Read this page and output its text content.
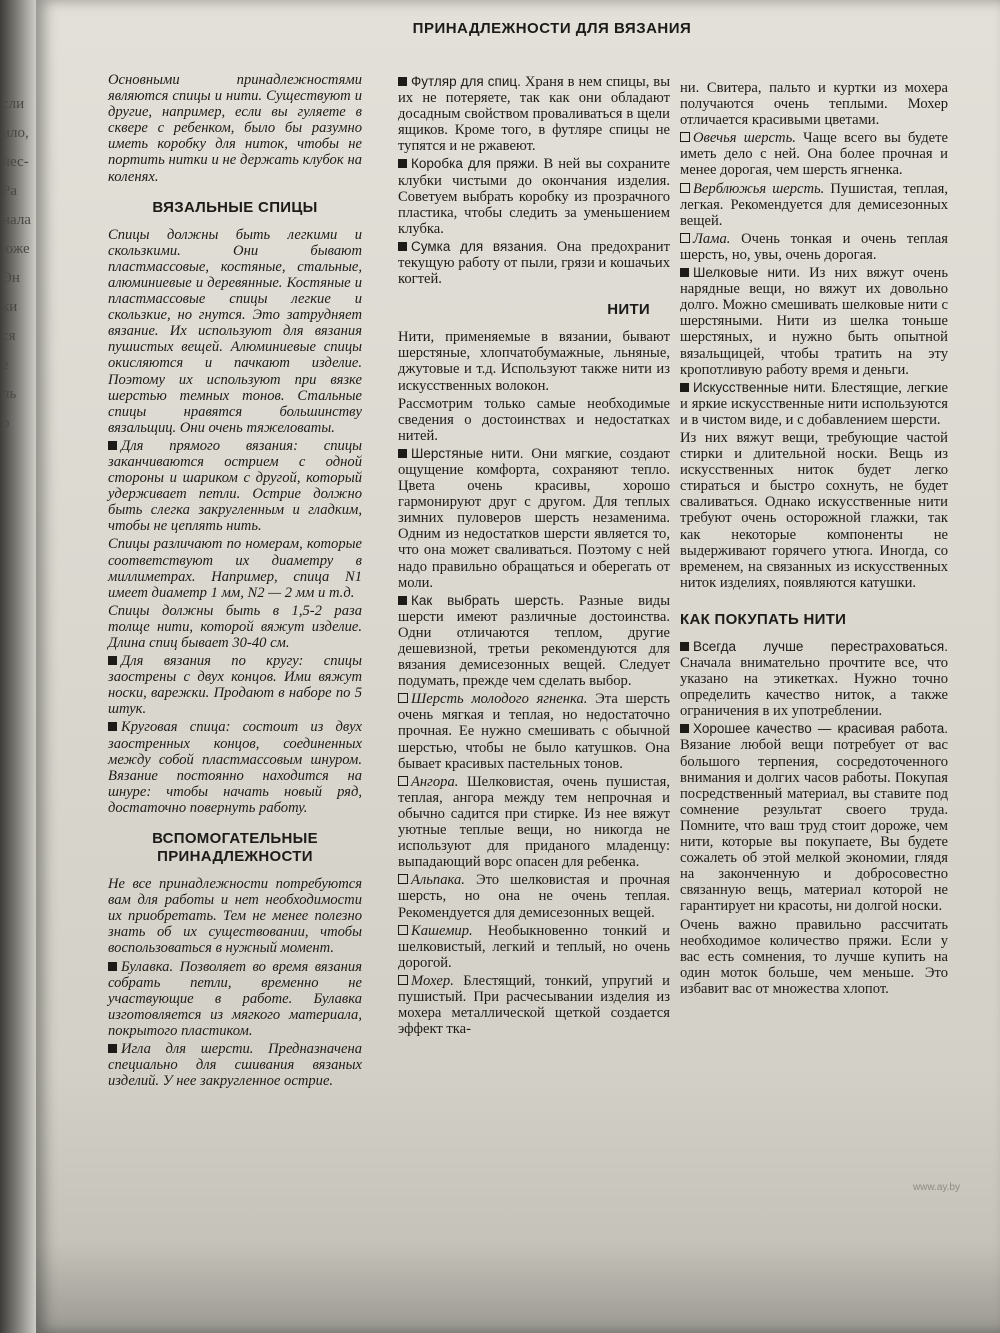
сли
ило,
нес-
Ра
нала
юже
Эн
ки
ся
е
ль
о
ПРИНАДЛЕЖНОСТИ ДЛЯ ВЯЗАНИЯ

Основными принадлежностями являются спицы и нити. Существуют и другие, например, если вы гуляете в сквере с ребенком, было бы разумно иметь коробку для ниток, чтобы не портить нитки и не держать клубок на коленях.

ВЯЗАЛЬНЫЕ СПИЦЫ

Спицы должны быть легкими и скользкими. Они бывают пластмассовые, костяные, стальные, алюминиевые и деревянные. Костяные и пластмассовые спицы легкие и скользкие, но гнутся. Это затрудняет вязание. Их используют для вязания пушистых вещей. Алюминиевые спицы окисляются и пачкают изделие. Поэтому их используют при вязке шерстью темных тонов. Стальные спицы нравятся большинству вязальщиц. Они очень тяжеловаты.

Для прямого вязания: спицы заканчиваются острием с одной стороны и шариком с другой, который удерживает петли. Острие должно быть слегка закругленным и гладким, чтобы не цеплять нить.

Спицы различают по номерам, которые соответствуют их диаметру в миллиметрах. Например, спица N1 имеет диаметр 1 мм, N2 — 2 мм и т.д.

Спицы должны быть в 1,5-2 раза толще нити, которой вяжут изделие. Длина спиц бывает 30-40 см.

Для вязания по кругу: спицы заострены с двух концов. Ими вяжут носки, варежки. Продают в наборе по 5 штук.

Круговая спица: состоит из двух заостренных концов, соединенных между собой пластмассовым шнуром. Вязание постоянно находится на шнуре: чтобы начать новый ряд, достаточно повернуть работу.

ВСПОМОГАТЕЛЬНЫЕ ПРИНАДЛЕЖНОСТИ

Не все принадлежности потребуются вам для работы и нет необходимости их приобретать. Тем не менее полезно знать об их существовании, чтобы воспользоваться в нужный момент.

Булавка. Позволяет во время вязания собрать петли, временно не участвующие в работе. Булавка изготовляется из мягкого материала, покрытого пластиком.

Игла для шерсти. Предназначена специально для сшивания вязаных изделий. У нее закругленное острие.

Футляр для спиц. Храня в нем спицы, вы их не потеряете, так как они обладают досадным свойством проваливаться в щели ящиков. Кроме того, в футляре спицы не тупятся и не ржавеют.

Коробка для пряжи. В ней вы сохраните клубки чистыми до окончания изделия. Советуем выбрать коробку из прозрачного пластика, чтобы следить за уменьшением клубка.

Сумка для вязания. Она предохранит текущую работу от пыли, грязи и кошачьих когтей.

НИТИ

Нити, применяемые в вязании, бывают шерстяные, хлопчатобумажные, льняные, джутовые и т.д. Используют также нити из искусственных волокон.

Рассмотрим только самые необходимые сведения о достоинствах и недостатках нитей.

Шерстяные нити. Они мягкие, создают ощущение комфорта, сохраняют тепло. Цвета очень красивы, хорошо гармонируют друг с другом. Для теплых зимних пуловеров шерсть незаменима. Одним из недостатков шерсти является то, что она может сваливаться. Поэтому с ней надо правильно обращаться и оберегать от моли.

Как выбрать шерсть. Разные виды шерсти имеют различные достоинства. Одни отличаются теплом, другие дешевизной, третьи рекомендуются для вязания демисезонных вещей. Следует подумать, прежде чем сделать выбор.

Шерсть молодого ягненка. Эта шерсть очень мягкая и теплая, но недостаточно прочная. Ее нужно смешивать с обычной шерстью, чтобы не было катушков. Она бывает красивых пастельных тонов.

Ангора. Шелковистая, очень пушистая, теплая, ангора между тем непрочная и обычно садится при стирке. Из нее вяжут уютные теплые вещи, но никогда не используют для приданого младенцу: выпадающий ворс опасен для ребенка.

Альпака. Это шелковистая и прочная шерсть, но она не очень теплая. Рекомендуется для демисезонных вещей.

Кашемир. Необыкновенно тонкий и шелковистый, легкий и теплый, но очень дорогой.

Мохер. Блестящий, тонкий, упругий и пушистый. При расчесывании изделия из мохера металлической щеткой создается эффект тка-

ни. Свитера, пальто и куртки из мохера получаются очень теплыми. Мохер отличается красивыми цветами.

Овечья шерсть. Чаще всего вы будете иметь дело с ней. Она более прочная и менее дорогая, чем шерсть ягненка.

Верблюжья шерсть. Пушистая, теплая, легкая. Рекомендуется для демисезонных вещей.

Лама. Очень тонкая и очень теплая шерсть, но, увы, очень дорогая.

Шелковые нити. Из них вяжут очень нарядные вещи, но вяжут их довольно долго. Можно смешивать шелковые нити с шерстяными. Нити из шелка тоньше шерстяных, и нужно быть опытной вязальщицей, чтобы тратить на эту кропотливую работу время и деньги.

Искусственные нити. Блестящие, легкие и яркие искусственные нити используются и в чистом виде, и с добавлением шерсти.

Из них вяжут вещи, требующие частой стирки и длительной носки. Вещь из искусственных ниток будет легко стираться и быстро сохнуть, не будет сваливаться. Однако искусственные нити требуют очень осторожной глажки, так как некоторые компоненты не выдерживают горячего утюга. Иногда, со временем, на связанных из искусственных ниток изделиях, появляются катушки.

КАК ПОКУПАТЬ НИТИ

Всегда лучше перестраховаться. Сначала внимательно прочтите все, что указано на этикетках. Нужно точно определить качество ниток, а также ограничения в их употреблении.

Хорошее качество — красивая работа. Вязание любой вещи потребует от вас большого терпения, сосредоточенного внимания и долгих часов работы. Покупая посредственный материал, вы ставите под сомнение результат своего труда. Помните, что ваш труд стоит дороже, чем нити, которые вы покупаете, Вы будете сожалеть об этой мелкой экономии, глядя на законченную и добросовестно связанную вещь, материал которой не гарантирует ни красоты, ни долгой носки.

Очень важно правильно рассчитать необходимое количество пряжи. Если у вас есть сомнения, то лучше купить на один моток больше, чем меньше. Это избавит вас от множества хлопот.

www.ay.by
